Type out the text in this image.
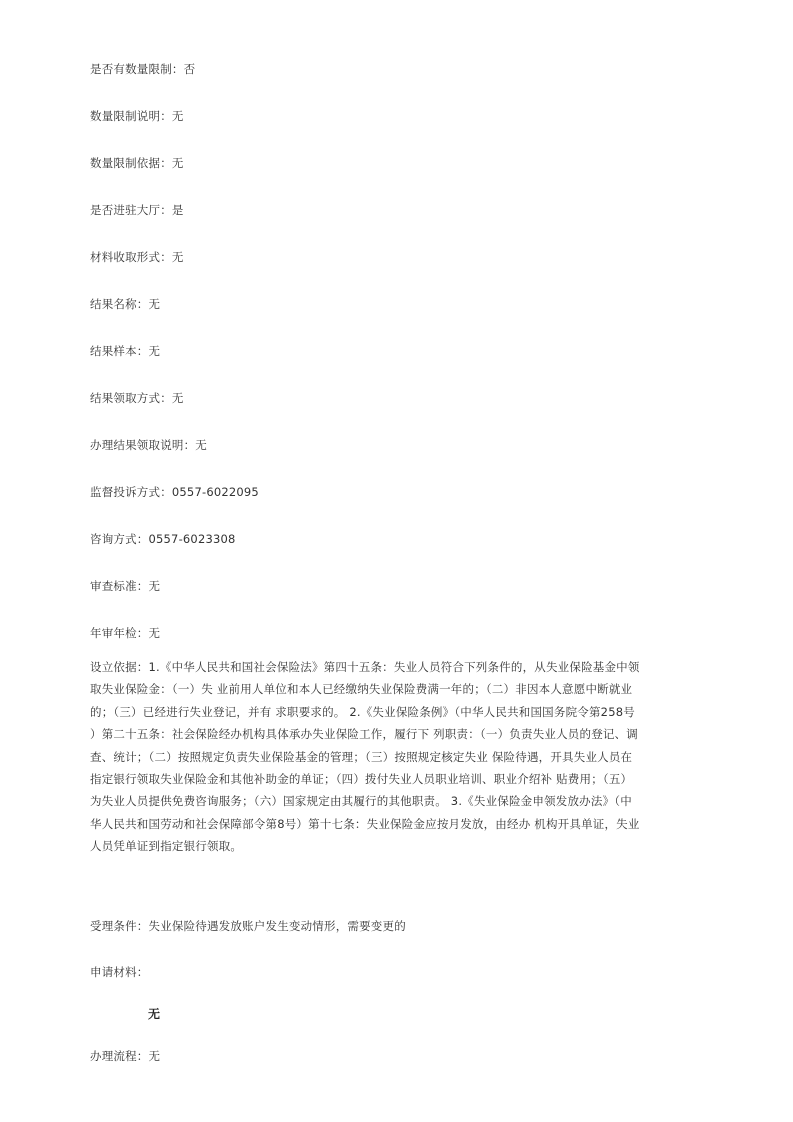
是否有数量限制：否
数量限制说明：无
数量限制依据：无
是否进驻大厅：是
材料收取形式：无
结果名称：无
结果样本：无
结果领取方式：无
办理结果领取说明：无
监督投诉方式：0557-6022095
咨询方式：0557-6023308
审查标准：无
年审年检：无
设立依据：1.《中华人民共和国社会保险法》第四十五条：失业人员符合下列条件的，从失业保险基金中领
取失业保险金：（一）失 业前用人单位和本人已经缴纳失业保险费满一年的；（二）非因本人意愿中断就业
的；（三）已经进行失业登记，并有 求职要求的。 2.《失业保险条例》（中华人民共和国国务院令第258号
）第二十五条：社会保险经办机构具体承办失业保险工作，履行下 列职责：（一）负责失业人员的登记、调
查、统计；（二）按照规定负责失业保险基金的管理；（三）按照规定核定失业 保险待遇，开具失业人员在
指定银行领取失业保险金和其他补助金的单证；（四）拨付失业人员职业培训、职业介绍补 贴费用；（五）
为失业人员提供免费咨询服务；（六）国家规定由其履行的其他职责。 3.《失业保险金申领发放办法》（中
华人民共和国劳动和社会保障部令第8号）第十七条：失业保险金应按月发放，由经办 机构开具单证，失业
人员凭单证到指定银行领取。
受理条件：失业保险待遇发放账户发生变动情形，需要变更的
申请材料：
无
办理流程：无
